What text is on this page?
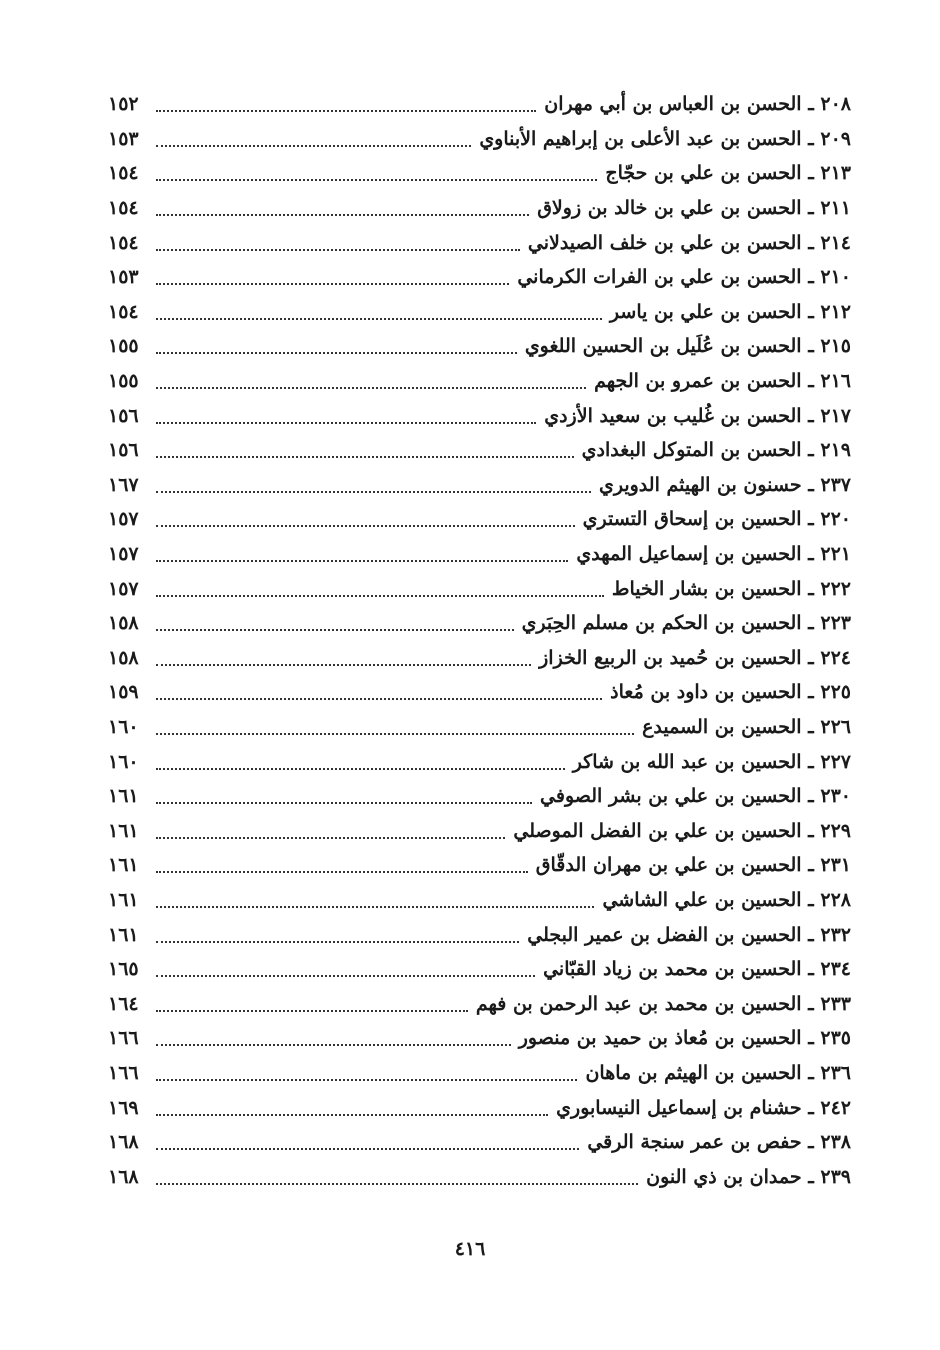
٢٠٨ ـ الحسن بن العباس بن أبي مهران
١٥٢
٢٠٩ ـ الحسن بن عبد الأعلى بن إبراهيم الأبناوي
١٥٣
٢١٣ ـ الحسن بن علي بن حجّاج
١٥٤
٢١١ ـ الحسن بن علي بن خالد بن زولاق
١٥٤
٢١٤ ـ الحسن بن علي بن خلف الصيدلاني
١٥٤
٢١٠ ـ الحسن بن علي بن الفرات الكرماني
١٥٣
٢١٢ ـ الحسن بن علي بن ياسر
١٥٤
٢١٥ ـ الحسن بن عُلَيل بن الحسين اللغوي
١٥٥
٢١٦ ـ الحسن بن عمرو بن الجهم
١٥٥
٢١٧ ـ الحسن بن غُليب بن سعيد الأزدي
١٥٦
٢١٩ ـ الحسن بن المتوكل البغدادي
١٥٦
٢٣٧ ـ حسنون بن الهيثم الدويري
١٦٧
٢٢٠ ـ الحسين بن إسحاق التستري
١٥٧
٢٢١ ـ الحسين بن إسماعيل المهدي
١٥٧
٢٢٢ ـ الحسين بن بشار الخياط
١٥٧
٢٢٣ ـ الحسين بن الحكم بن مسلم الحِبَري
١٥٨
٢٢٤ ـ الحسين بن حُميد بن الربيع الخزاز
١٥٨
٢٢٥ ـ الحسين بن داود بن مُعاذ
١٥٩
٢٢٦ ـ الحسين بن السميدع
١٦٠
٢٢٧ ـ الحسين بن عبد الله بن شاكر
١٦٠
٢٣٠ ـ الحسين بن علي بن بشر الصوفي
١٦١
٢٢٩ ـ الحسين بن علي بن الفضل الموصلي
١٦١
٢٣١ ـ الحسين بن علي بن مهران الدقّاق
١٦١
٢٢٨ ـ الحسين بن علي الشاشي
١٦١
٢٣٢ ـ الحسين بن الفضل بن عمير البجلي
١٦١
٢٣٤ ـ الحسين بن محمد بن زياد القبّاني
١٦٥
٢٣٣ ـ الحسين بن محمد بن عبد الرحمن بن فهم
١٦٤
٢٣٥ ـ الحسين بن مُعاذ بن حميد بن منصور
١٦٦
٢٣٦ ـ الحسين بن الهيثم بن ماهان
١٦٦
٢٤٢ ـ حشنام بن إسماعيل النيسابوري
١٦٩
٢٣٨ ـ حفص بن عمر سنجة الرقي
١٦٨
٢٣٩ ـ حمدان بن ذي النون
١٦٨
٤١٦
